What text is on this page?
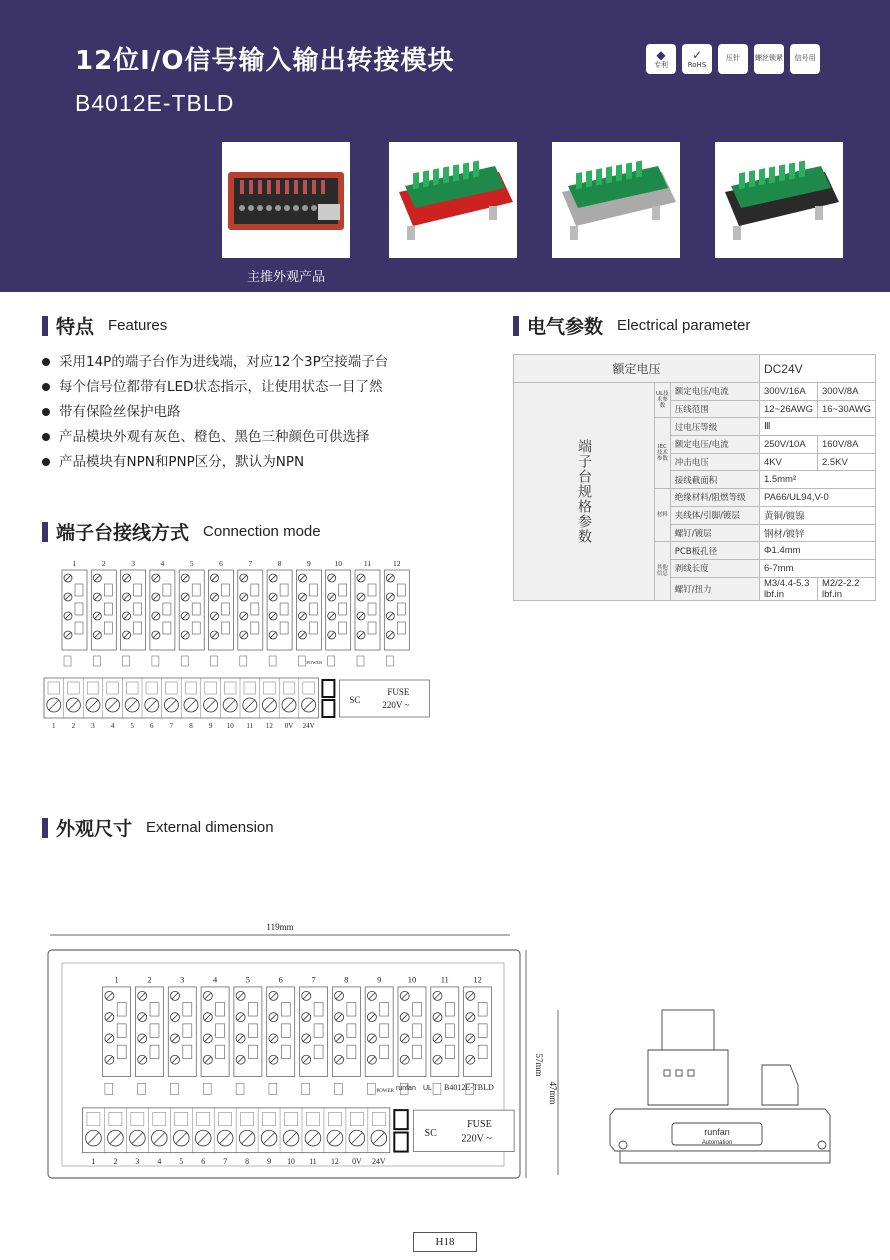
12位I/O信号输入输出转接模块
B4012E-TBLD
◆
专利
✓
RoHS
压针 螺丝锁紧 信号用
主推外观产品
特点 Features
采用14P的端子台作为进线端，对应12个3P空接端子台
每个信号位都带有LED状态指示，让使用状态一目了然
带有保险丝保护电路
产品模块外观有灰色、橙色、黑色三种颜色可供选择
产品模块有NPN和PNP区分，默认为NPN
电气参数 Electrical parameter
额定电压			DC24V	
端子台规格参数	UL技术参数	额定电压/电流	300V/16A	300V/8A
		压线范围	12~26AWG	16~30AWG
	IEC技术参数	过电压等级	Ⅲ	
		额定电压/电流	250V/10A	160V/8A
		冲击电压	4KV	2.5KV
		接线截面积	1.5mm²	
	材料	绝缘材料/阻燃等级	PA66/UL94,V-0	
		夹线体/引脚/镀层	黄铜/镀镍	
		螺钉/镀层	钢材/镀锌	
	其他信息	PCB板孔径	Φ1.4mm	
		剥线长度	6-7mm	
		螺钉/扭力	M3/4.4-5.3 lbf.in	M2/2-2.2 lbf.in
端子台接线方式 Connection mode
1	2	3	4	5	6	7	8	9	10	11	12
POWER
1 2 3 4 5 6 7 8 9 10 11 12 0V 24V
SC
FUSE
220V ~
外观尺寸 External dimension
119mm
57mm
1	2	3	4	5	6	7	8	9	10	11	12
POWER
1 2 3 4 5 6 7 8 9 10 11 12 0V 24V
SC
FUSE
220V ~
runfan UL B4012E-TBLD	47mm
runfan
Automation
H18
